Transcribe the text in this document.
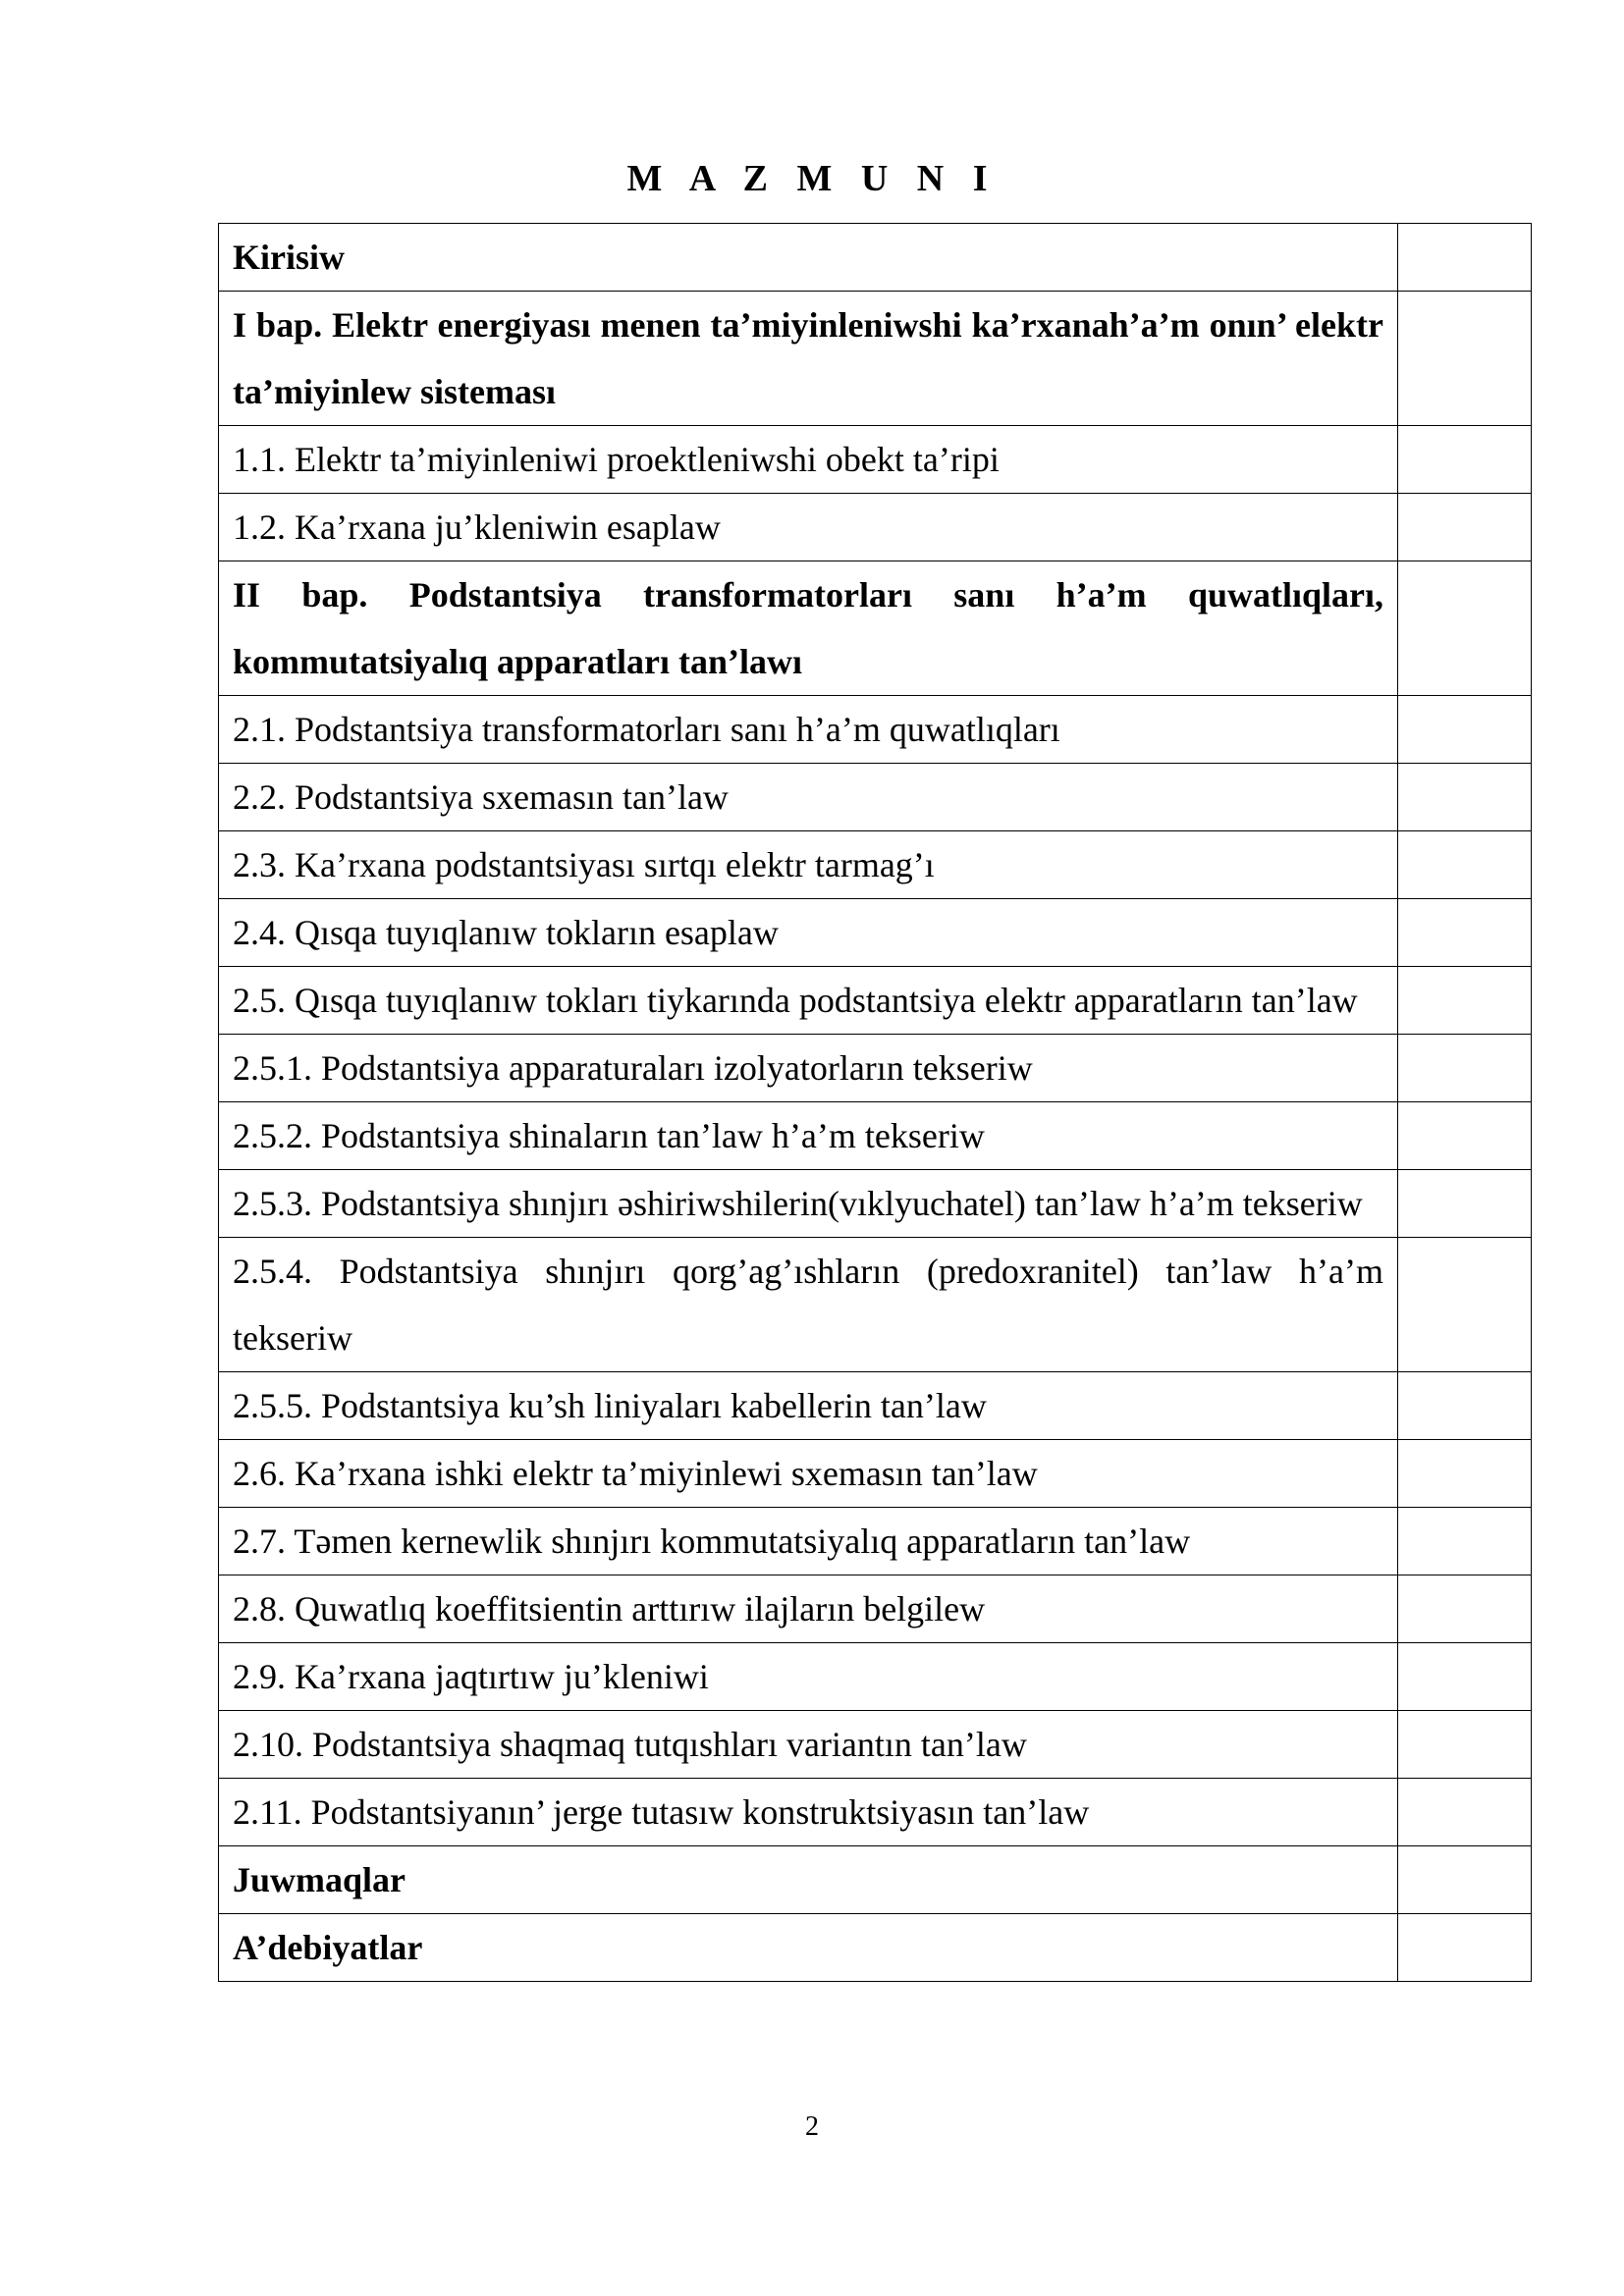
M A Z M U N I
Kirisiw	
I bap. Elektr energiyası menen ta’miyinleniwshi ka’rxanah’a’m onın’ elektr ta’miyinlew sisteması	
1.1. Elektr ta’miyinleniwi proektleniwshi obekt ta’ripi	
1.2. Ka’rxana ju’kleniwin esaplaw	
II bap. Podstantsiya transformatorları sanı h’a’m quwatlıqları, kommutatsiyalıq apparatları tan’lawı	
2.1. Podstantsiya transformatorları sanı h’a’m quwatlıqları	
2.2. Podstantsiya sxemasın tan’law	
2.3. Ka’rxana podstantsiyası sırtqı elektr tarmag’ı	
2.4. Qısqa tuyıqlanıw tokların esaplaw	
2.5. Qısqa tuyıqlanıw tokları tiykarında podstantsiya elektr apparatların tan’law	
2.5.1. Podstantsiya apparaturaları izolyatorların tekseriw	
2.5.2. Podstantsiya shinaların tan’law h’a’m tekseriw	
2.5.3. Podstantsiya shınjırı əshiriwshilerin(vıklyuchatel) tan’law h’a’m tekseriw	
2.5.4. Podstantsiya shınjırı qorg’ag’ıshların (predoxranitel) tan’law h’a’m tekseriw	
2.5.5. Podstantsiya ku’sh liniyaları kabellerin tan’law	
2.6. Ka’rxana ishki elektr ta’miyinlewi sxemasın tan’law	
2.7. Təmen kernewlik shınjırı kommutatsiyalıq apparatların tan’law	
2.8. Quwatlıq koeffitsientin arttırıw ilajların belgilew	
2.9. Ka’rxana jaqtırtıw ju’kleniwi	
2.10. Podstantsiya shaqmaq tutqıshları variantın tan’law	
2.11. Podstantsiyanın’ jerge tutasıw konstruktsiyasın tan’law	
Juwmaqlar	
A’debiyatlar	
2
